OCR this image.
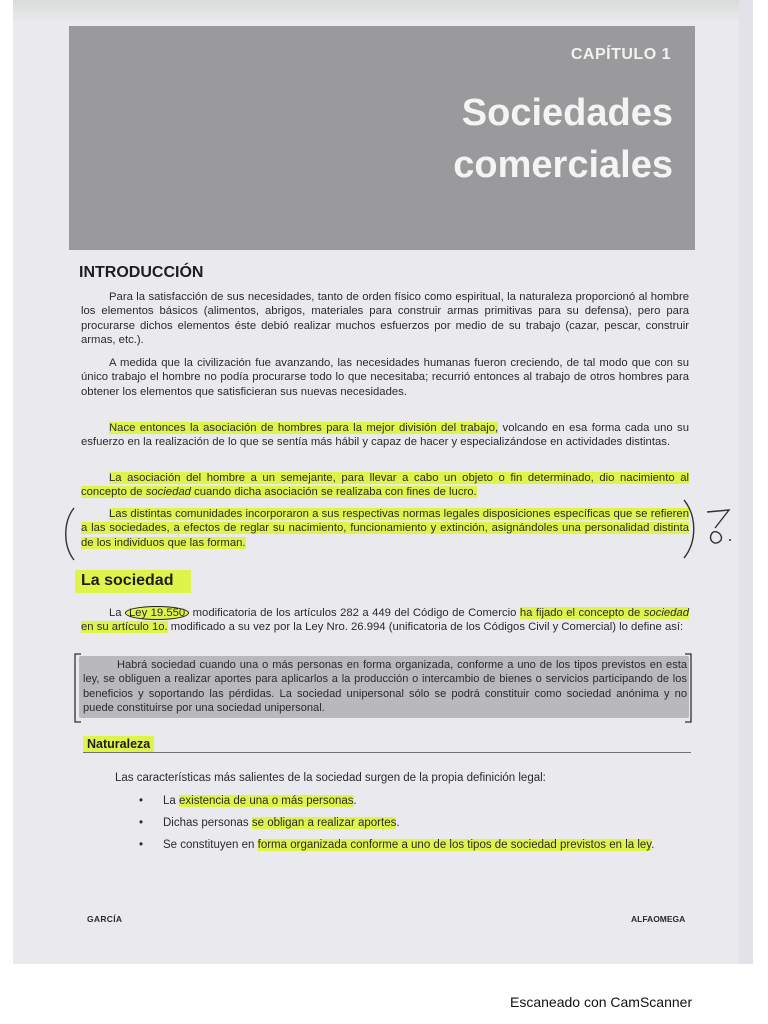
CAPÍTULO 1
Sociedades
comerciales
INTRODUCCIÓN

Para la satisfacción de sus necesidades, tanto de orden físico como espiritual, la naturaleza proporcionó al hombre los elementos básicos (alimentos, abrigos, materiales para construir armas primitivas para su defensa), pero para procurarse dichos elementos éste debió realizar muchos esfuerzos por medio de su trabajo (cazar, pescar, construir armas, etc.).

A medida que la civilización fue avanzando, las necesidades humanas fueron creciendo, de tal modo que con su único trabajo el hombre no podía procurarse todo lo que necesitaba; recurrió entonces al trabajo de otros hombres para obtener los elementos que satisficieran sus nuevas necesidades.

Nace entonces la asociación de hombres para la mejor división del trabajo, volcando en esa forma cada uno su esfuerzo en la realización de lo que se sentía más hábil y capaz de hacer y especializándose en actividades distintas.

La asociación del hombre a un semejante, para llevar a cabo un objeto o fin determinado, dio nacimiento al concepto de sociedad cuando dicha asociación se realizaba con fines de lucro.

Las distintas comunidades incorporaron a sus respectivas normas legales disposiciones específicas que se refieren a las sociedades, a efectos de reglar su nacimiento, funcionamiento y extinción, asignándoles una personalidad distinta de los individuos que las forman.

La sociedad

La Ley 19.550 modificatoria de los artículos 282 a 449 del Código de Comercio ha fijado el concepto de sociedad en su artículo 1o. modificado a su vez por la Ley Nro. 26.994 (unificatoria de los Códigos Civil y Comercial) lo define así:

Habrá sociedad cuando una o más personas en forma organizada, conforme a uno de los tipos previstos en esta ley, se obliguen a realizar aportes para aplicarlos a la producción o intercambio de bienes o servicios participando de los beneficios y soportando las pérdidas. La sociedad unipersonal sólo se podrá constituir como sociedad anónima y no puede constituirse por una sociedad unipersonal.

Naturaleza

Las características más salientes de la sociedad surgen de la propia definición legal:

• La existencia de una o más personas.
• Dichas personas se obligan a realizar aportes.
• Se constituyen en forma organizada conforme a uno de los tipos de sociedad previstos en la ley.
GARCÍA	ALFAOMEGA
Escaneado con CamScanner
